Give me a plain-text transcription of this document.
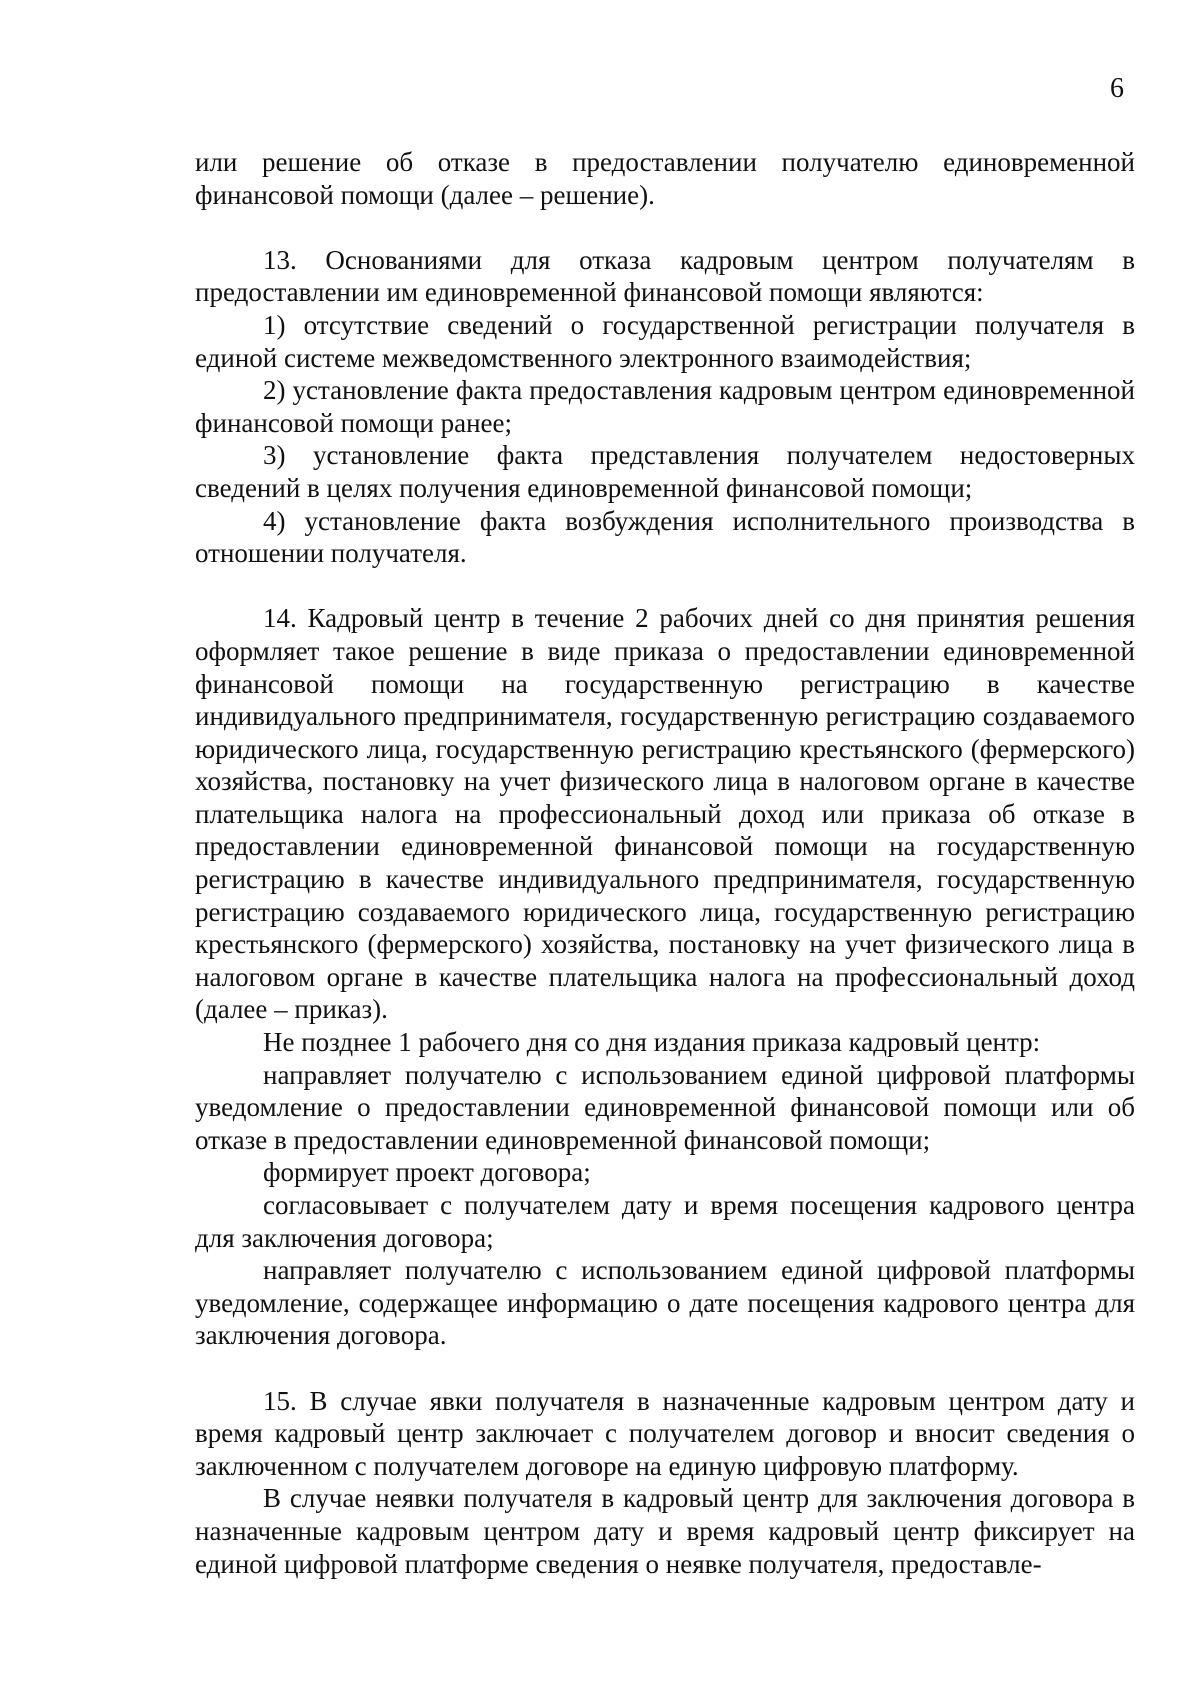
6

или решение об отказе в предоставлении получателю единовременной финансовой помощи (далее – решение).

13. Основаниями для отказа кадровым центром получателям в предоставлении им единовременной финансовой помощи являются:

1) отсутствие сведений о государственной регистрации получателя в единой системе межведомственного электронного взаимодействия;

2) установление факта предоставления кадровым центром единовременной финансовой помощи ранее;

3) установление факта представления получателем недостоверных сведений в целях получения единовременной финансовой помощи;

4) установление факта возбуждения исполнительного производства в отношении получателя.

14. Кадровый центр в течение 2 рабочих дней со дня принятия решения оформляет такое решение в виде приказа о предоставлении единовременной финансовой помощи на государственную регистрацию в качестве индивидуального предпринимателя, государственную регистрацию создаваемого юридического лица, государственную регистрацию крестьянского (фермерского) хозяйства, постановку на учет физического лица в налоговом органе в качестве плательщика налога на профессиональный доход или приказа об отказе в предоставлении единовременной финансовой помощи на государственную регистрацию в качестве индивидуального предпринимателя, государственную регистрацию создаваемого юридического лица, государственную регистрацию крестьянского (фермерского) хозяйства, постановку на учет физического лица в налоговом органе в качестве плательщика налога на профессиональный доход (далее – приказ).

Не позднее 1 рабочего дня со дня издания приказа кадровый центр:

направляет получателю с использованием единой цифровой платформы уведомление о предоставлении единовременной финансовой помощи или об отказе в предоставлении единовременной финансовой помощи;

формирует проект договора;

согласовывает с получателем дату и время посещения кадрового центра для заключения договора;

направляет получателю с использованием единой цифровой платформы уведомление, содержащее информацию о дате посещения кадрового центра для заключения договора.

15. В случае явки получателя в назначенные кадровым центром дату и время кадровый центр заключает с получателем договор и вносит сведения о заключенном с получателем договоре на единую цифровую платформу.

В случае неявки получателя в кадровый центр для заключения договора в назначенные кадровым центром дату и время кадровый центр фиксирует на единой цифровой платформе сведения о неявке получателя, предоставле-
